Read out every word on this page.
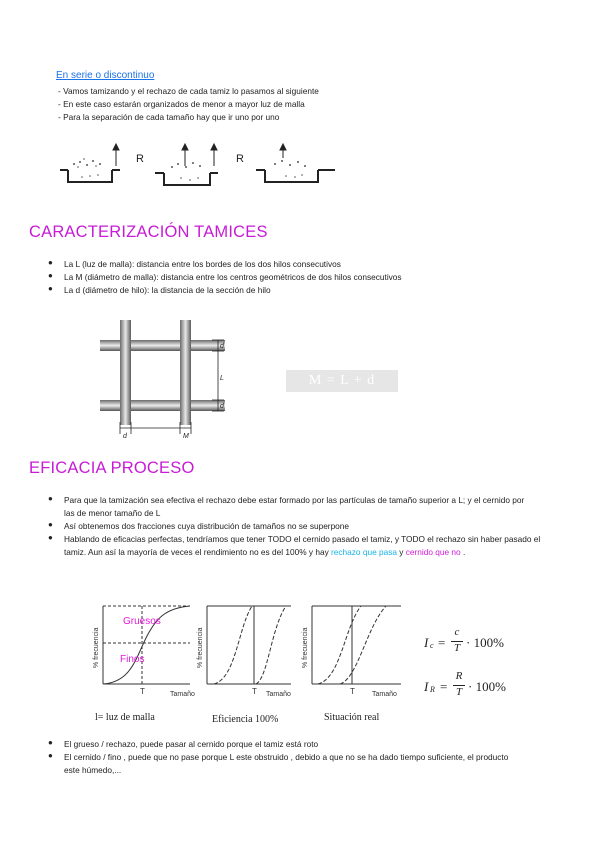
En serie o discontinuo
- Vamos tamizando y el rechazo de cada tamiz lo pasamos al siguiente
- En este caso estarán organizados de menor a mayor luz de malla
- Para la separación de cada tamaño hay que ir uno por uno
R	R
CARACTERIZACIÓN TAMICES
● La L (luz de malla): distancia entre los bordes de los dos hilos consecutivos
● La M (diámetro de malla): distancia entre los centros geométricos de dos hilos consecutivos
● La d (diámetro de hilo): la distancia de la sección de hilo
d
d
L
d	M
M = L + d
EFICACIA PROCESO
● Para que la tamización sea efectiva el rechazo debe estar formado por las partículas de tamaño superior a L; y el cernido por las de menor tamaño de L
● Así obtenemos dos fracciones cuya distribución de tamaños no se superpone
● Hablando de eficacias perfectas, tendríamos que tener TODO el cernido pasado el tamiz, y TODO el rechazo sin haber pasado el tamiz. Aun así la mayoría de veces el rendimiento no es del 100% y hay rechazo que pasa y cernido que no .
Gruesos
Finos
% frecuencia	% frecuencia	% frecuencia
T	T	T
Tamaño	Tamaño	Tamaño
l= luz de malla	Eficiencia 100%	Situación real
I c =
c
T · 100%
I R =
R
T · 100%
● El grueso / rechazo, puede pasar al cernido porque el tamiz está roto
● El cernido / fino , puede que no pase porque L este obstruido , debido a que no se ha dado tiempo suficiente, el producto este húmedo,...
